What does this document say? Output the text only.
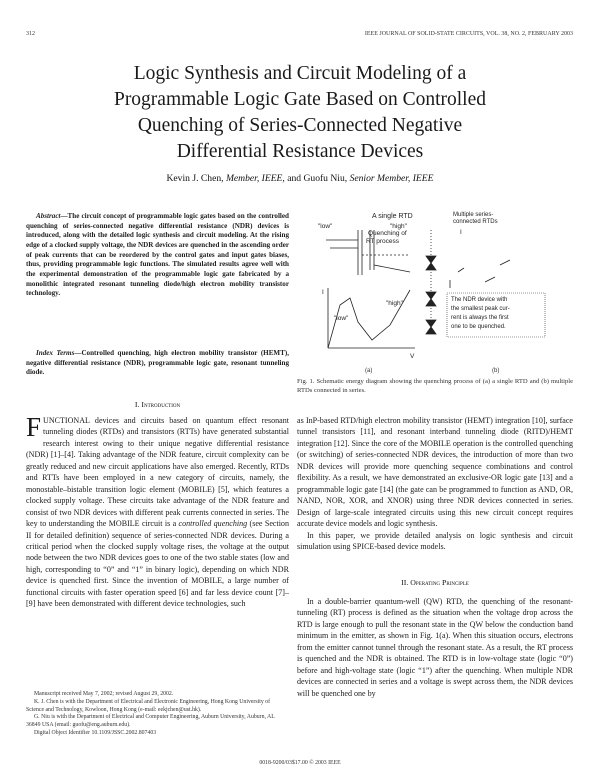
312	IEEE JOURNAL OF SOLID-STATE CIRCUITS, VOL. 38, NO. 2, FEBRUARY 2003
Logic Synthesis and Circuit Modeling of a
Programmable Logic Gate Based on Controlled
Quenching of Series-Connected Negative
Differential Resistance Devices
Kevin J. Chen, Member, IEEE, and Guofu Niu, Senior Member, IEEE
Abstract—The circuit concept of programmable logic gates based on the controlled quenching of series-connected negative differential resistance (NDR) devices is introduced, along with the detailed logic synthesis and circuit modeling. At the rising edge of a clocked supply voltage, the NDR devices are quenched in the ascending order of peak currents that can be reordered by the control gates and input gates biases, thus, providing programmable logic functions. The simulated results agree well with the experimental demonstration of the programmable logic gate fabricated by a monolithic integrated resonant tunneling diode/high electron mobility transistor technology.
Index Terms—Controlled quenching, high electron mobility transistor (HEMT), negative differential resistance (NDR), programmable logic gate, resonant tunneling diode.
I. Introduction

FUNCTIONAL devices and circuits based on quantum effect resonant tunneling diodes (RTDs) and transistors (RTTs) have generated substantial research interest owing to their unique negative differential resistance (NDR) [1]–[4]. Taking advantage of the NDR feature, circuit complexity can be greatly reduced and new circuit applications have also emerged. Recently, RTDs and RTTs have been employed in a new category of circuits, namely, the monostable–bistable transition logic element (MOBILE) [5], which features a clocked supply voltage. These circuits take advantage of the NDR feature and consist of two NDR devices with different peak currents connected in series. The key to understanding the MOBILE circuit is a controlled quenching (see Section II for detailed definition) sequence of series-connected NDR devices. During a critical period when the clocked supply voltage rises, the voltage at the output node between the two NDR devices goes to one of the two stable states (low and high, corresponding to “0” and “1” in binary logic), depending on which NDR device is quenched first. Since the invention of MOBILE, a large number of functional circuits with faster operation speed [6] and far less device count [7]–[9] have been demonstrated with different device technologies, such

Manuscript received May 7, 2002; revised August 29, 2002.

K. J. Chen is with the Department of Electrical and Electronic Engineering, Hong Kong University of Science and Technology, Kowloon, Hong Kong (e-mail: eekjchen@ust.hk).

G. Niu is with the Department of Electrical and Computer Engineering, Auburn University, Auburn, AL 36849 USA (email: guofu@eng.auburn.edu).

Digital Object Identifier 10.1109/JSSC.2002.807403

A single RTD
"low"	"high"
Quenching of
RT process
"low"
"high"
I
V
Multiple series-
connected RTDs
I
The NDR device with
the smallest peak cur-
rent is always the first
one to be quenched.
(a)	(b)
Fig. 1. Schematic energy diagram showing the quenching process of (a) a single RTD and (b) multiple RTDs connected in series.

as InP-based RTD/high electron mobility transistor (HEMT) integration [10], surface tunnel transistors [11], and resonant interband tunneling diode (RITD)/HEMT integration [12]. Since the core of the MOBILE operation is the controlled quenching (or switching) of series-connected NDR devices, the introduction of more than two NDR devices will provide more quenching sequence combinations and control flexibility. As a result, we have demonstrated an exclusive-OR logic gate [13] and a programmable logic gate [14] (the gate can be programmed to function as AND, OR, NAND, NOR, XOR, and XNOR) using three NDR devices connected in series. Design of large-scale integrated circuits using this new circuit concept requires accurate device models and logic synthesis.

In this paper, we provide detailed analysis on logic synthesis and circuit simulation using SPICE-based device models.

II. Operating Principle

In a double-barrier quantum-well (QW) RTD, the quenching of the resonant-tunneling (RT) process is defined as the situation when the voltage drop across the RTD is large enough to pull the resonant state in the QW below the conduction band minimum in the emitter, as shown in Fig. 1(a). When this situation occurs, electrons from the emitter cannot tunnel through the resonant state. As a result, the RT process is quenched and the NDR is obtained. The RTD is in low-voltage state (logic “0”) before and high-voltage state (logic “1”) after the quenching. When multiple NDR devices are connected in series and a voltage is swept across them, the NDR devices will be quenched one by

0018-9200/03$17.00 © 2003 IEEE
